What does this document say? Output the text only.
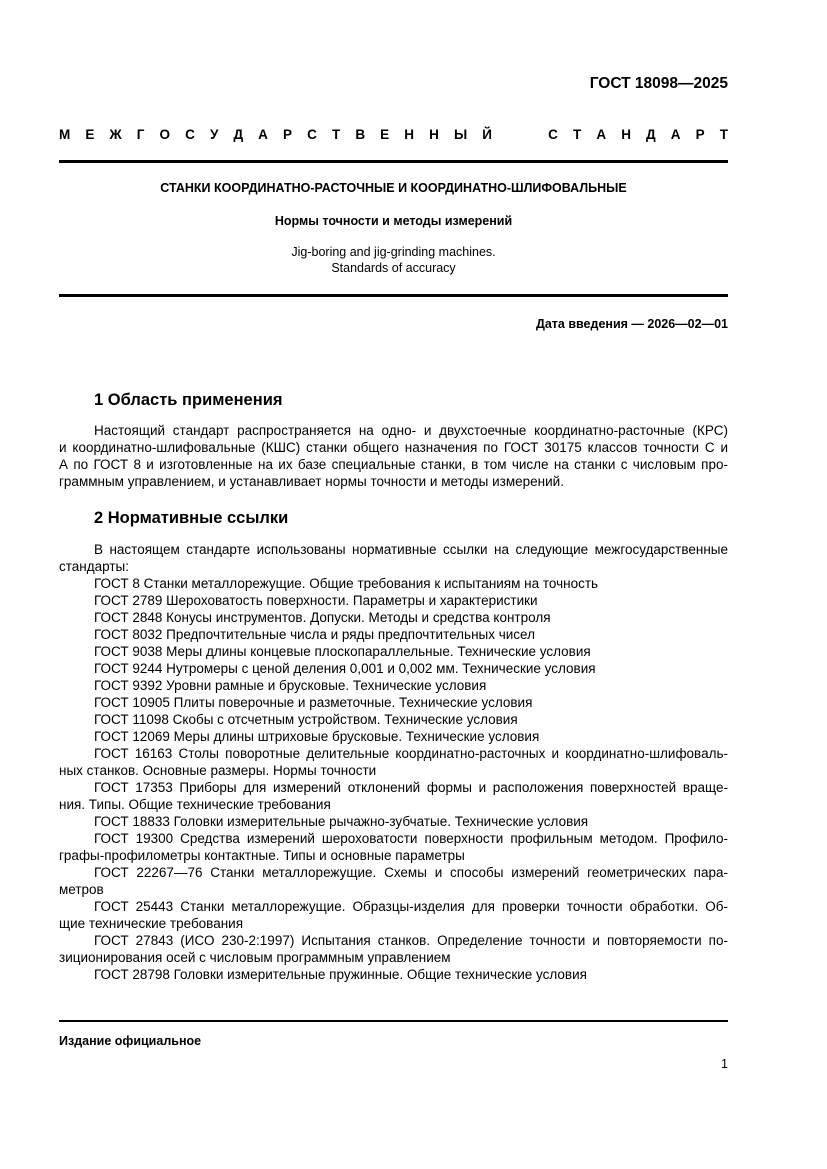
ГОСТ 18098—2025
М Е Ж Г О С У Д А Р С Т В Е Н Н Ы Й	С Т А Н Д А Р Т
СТАНКИ КООРДИНАТНО-РАСТОЧНЫЕ И КООРДИНАТНО-ШЛИФОВАЛЬНЫЕ
Нормы точности и методы измерений
Jig-boring and jig-grinding machines.
Standards of accuracy
Дата введения — 2026—02—01
1 Область применения
Настоящий стандарт распространяется на одно- и двухстоечные координатно-расточные (КРС)
и координатно-шлифовальные (КШС) станки общего назначения по ГОСТ 30175 классов точности С и
А по ГОСТ 8 и изготовленные на их базе специальные станки, в том числе на станки с числовым про-
граммным управлением, и устанавливает нормы точности и методы измерений.
2 Нормативные ссылки
В настоящем стандарте использованы нормативные ссылки на следующие межгосударственные
стандарты:
ГОСТ 8 Станки металлорежущие. Общие требования к испытаниям на точность
ГОСТ 2789 Шероховатость поверхности. Параметры и характеристики
ГОСТ 2848 Конусы инструментов. Допуски. Методы и средства контроля
ГОСТ 8032 Предпочтительные числа и ряды предпочтительных чисел
ГОСТ 9038 Меры длины концевые плоскопараллельные. Технические условия
ГОСТ 9244 Нутромеры с ценой деления 0,001 и 0,002 мм. Технические условия
ГОСТ 9392 Уровни рамные и брусковые. Технические условия
ГОСТ 10905 Плиты поверочные и разметочные. Технические условия
ГОСТ 11098 Скобы с отсчетным устройством. Технические условия
ГОСТ 12069 Меры длины штриховые брусковые. Технические условия
ГОСТ 16163 Столы поворотные делительные координатно-расточных и координатно-шлифоваль-
ных станков. Основные размеры. Нормы точности
ГОСТ 17353 Приборы для измерений отклонений формы и расположения поверхностей враще-
ния. Типы. Общие технические требования
ГОСТ 18833 Головки измерительные рычажно-зубчатые. Технические условия
ГОСТ 19300 Средства измерений шероховатости поверхности профильным методом. Профило-
графы-профилометры контактные. Типы и основные параметры
ГОСТ 22267—76 Станки металлорежущие. Схемы и способы измерений геометрических пара-
метров
ГОСТ 25443 Станки металлорежущие. Образцы-изделия для проверки точности обработки. Об-
щие технические требования
ГОСТ 27843 (ИСО 230-2:1997) Испытания станков. Определение точности и повторяемости по-
зиционирования осей с числовым программным управлением
ГОСТ 28798 Головки измерительные пружинные. Общие технические условия
Издание официальное
1
